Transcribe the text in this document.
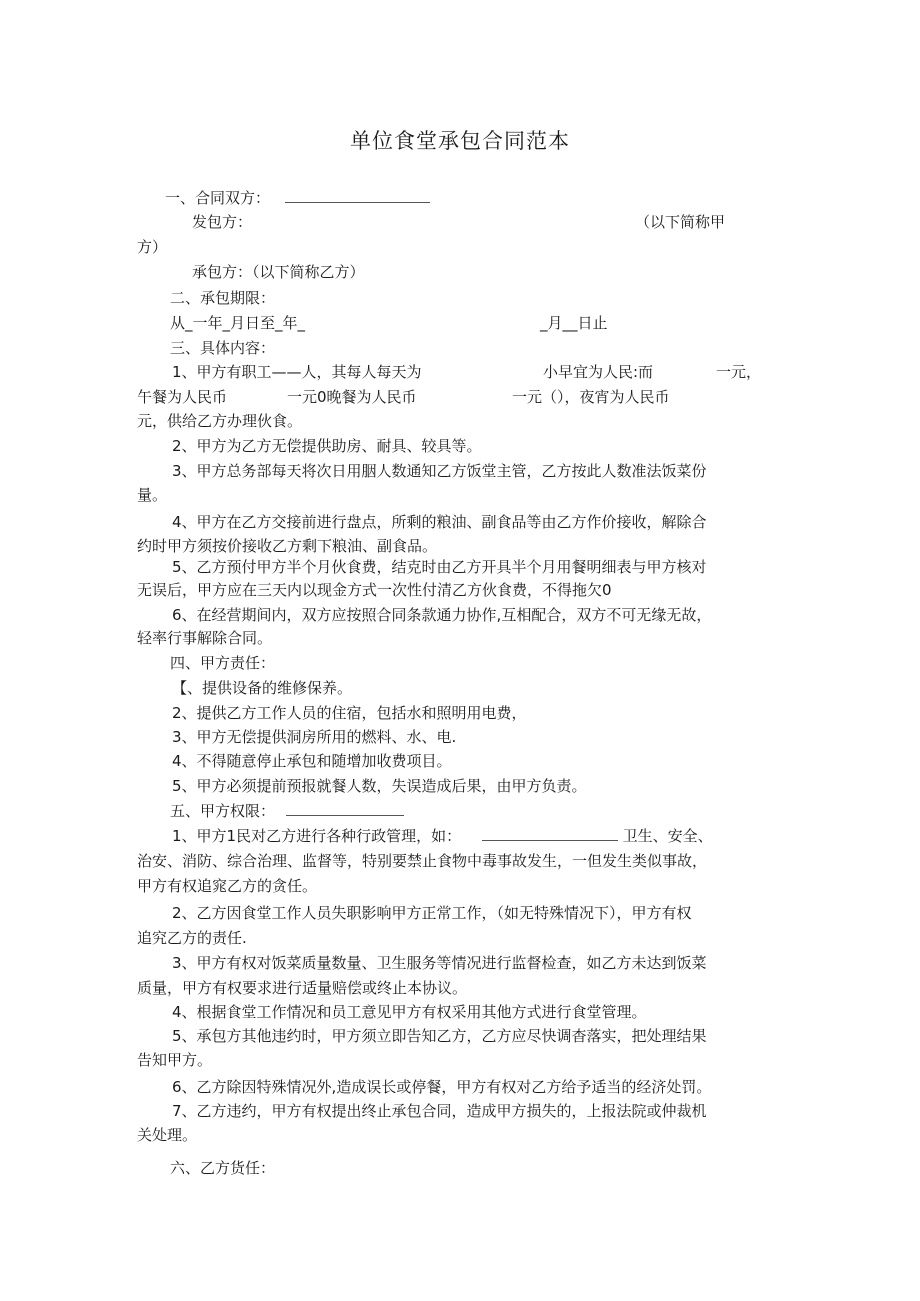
单位食堂承包合同范本
一、合同双方：
发包方：	（以下简称甲
方）
承包方：（以下简称乙方）
二、承包期限：
从_一年_月日至_年_	_月__日止
三、具体内容：
1、甲方有职工——人，其每人每天为	小早宜为人民:而	一元，
午餐为人民币	一元0晚餐为人民币	一元（），夜宵为人民币
元，供给乙方办理伙食。
2、甲方为乙方无偿提供助房、耐具、较具等。
3、甲方总务部每天将次日用胭人数通知乙方饭堂主管，乙方按此人数准法饭菜份
量。
4、甲方在乙方交接前进行盘点，所剩的粮油、副食品等由乙方作价接收，解除合
约时甲方须按价接收乙方剩下粮油、副食品。
5、乙方预付甲方半个月伙食费，结克时由乙方开具半个月用餐明细表与甲方核对
无误后，甲方应在三天内以现金方式一次性付清乙方伙食费，不得拖欠0
6、在经营期间内，双方应按照合同条款通力协作,互相配合，双方不可无缘无故，
轻率行事解除合同。
四、甲方责任：
【、提供设备的维修保养。
2、提供乙方工作人员的住宿，包括水和照明用电费，
3、甲方无偿提供洞房所用的燃料、水、电.
4、不得随意停止承包和随增加收费项目。
5、甲方必须提前预报就餐人数，失误造成后果，由甲方负责。
五、甲方权限：
1、甲方1民对乙方进行各种行政管理，如：	卫生、安全、
治安、消防、综合治理、监督等，特别要禁止食物中毒事故发生，一但发生类似事故，
甲方有权追窕乙方的贪任。
2、乙方因食堂工作人员失职影响甲方正常工作，（如无特殊情况下），甲方有权
追究乙方的责任.
3、甲方有权对饭菜质量数量、卫生服务等情况进行监督检查，如乙方未达到饭菜
质量，甲方有权要求进行适量赔偿或终止本协议。
4、根据食堂工作情况和员工意见甲方有权采用其他方式进行食堂管理。
5、承包方其他违约时，甲方须立即告知乙方，乙方应尽快调杳落实，把处理结果
告知甲方。
6、乙方除因特殊情况外,造成误长或停餐，甲方有权对乙方给予适当的经济处罚。
7、乙方违约，甲方有权提出终止承包合同，造成甲方损失的，上报法院或仲裁机
关处理。
六、乙方货任：
